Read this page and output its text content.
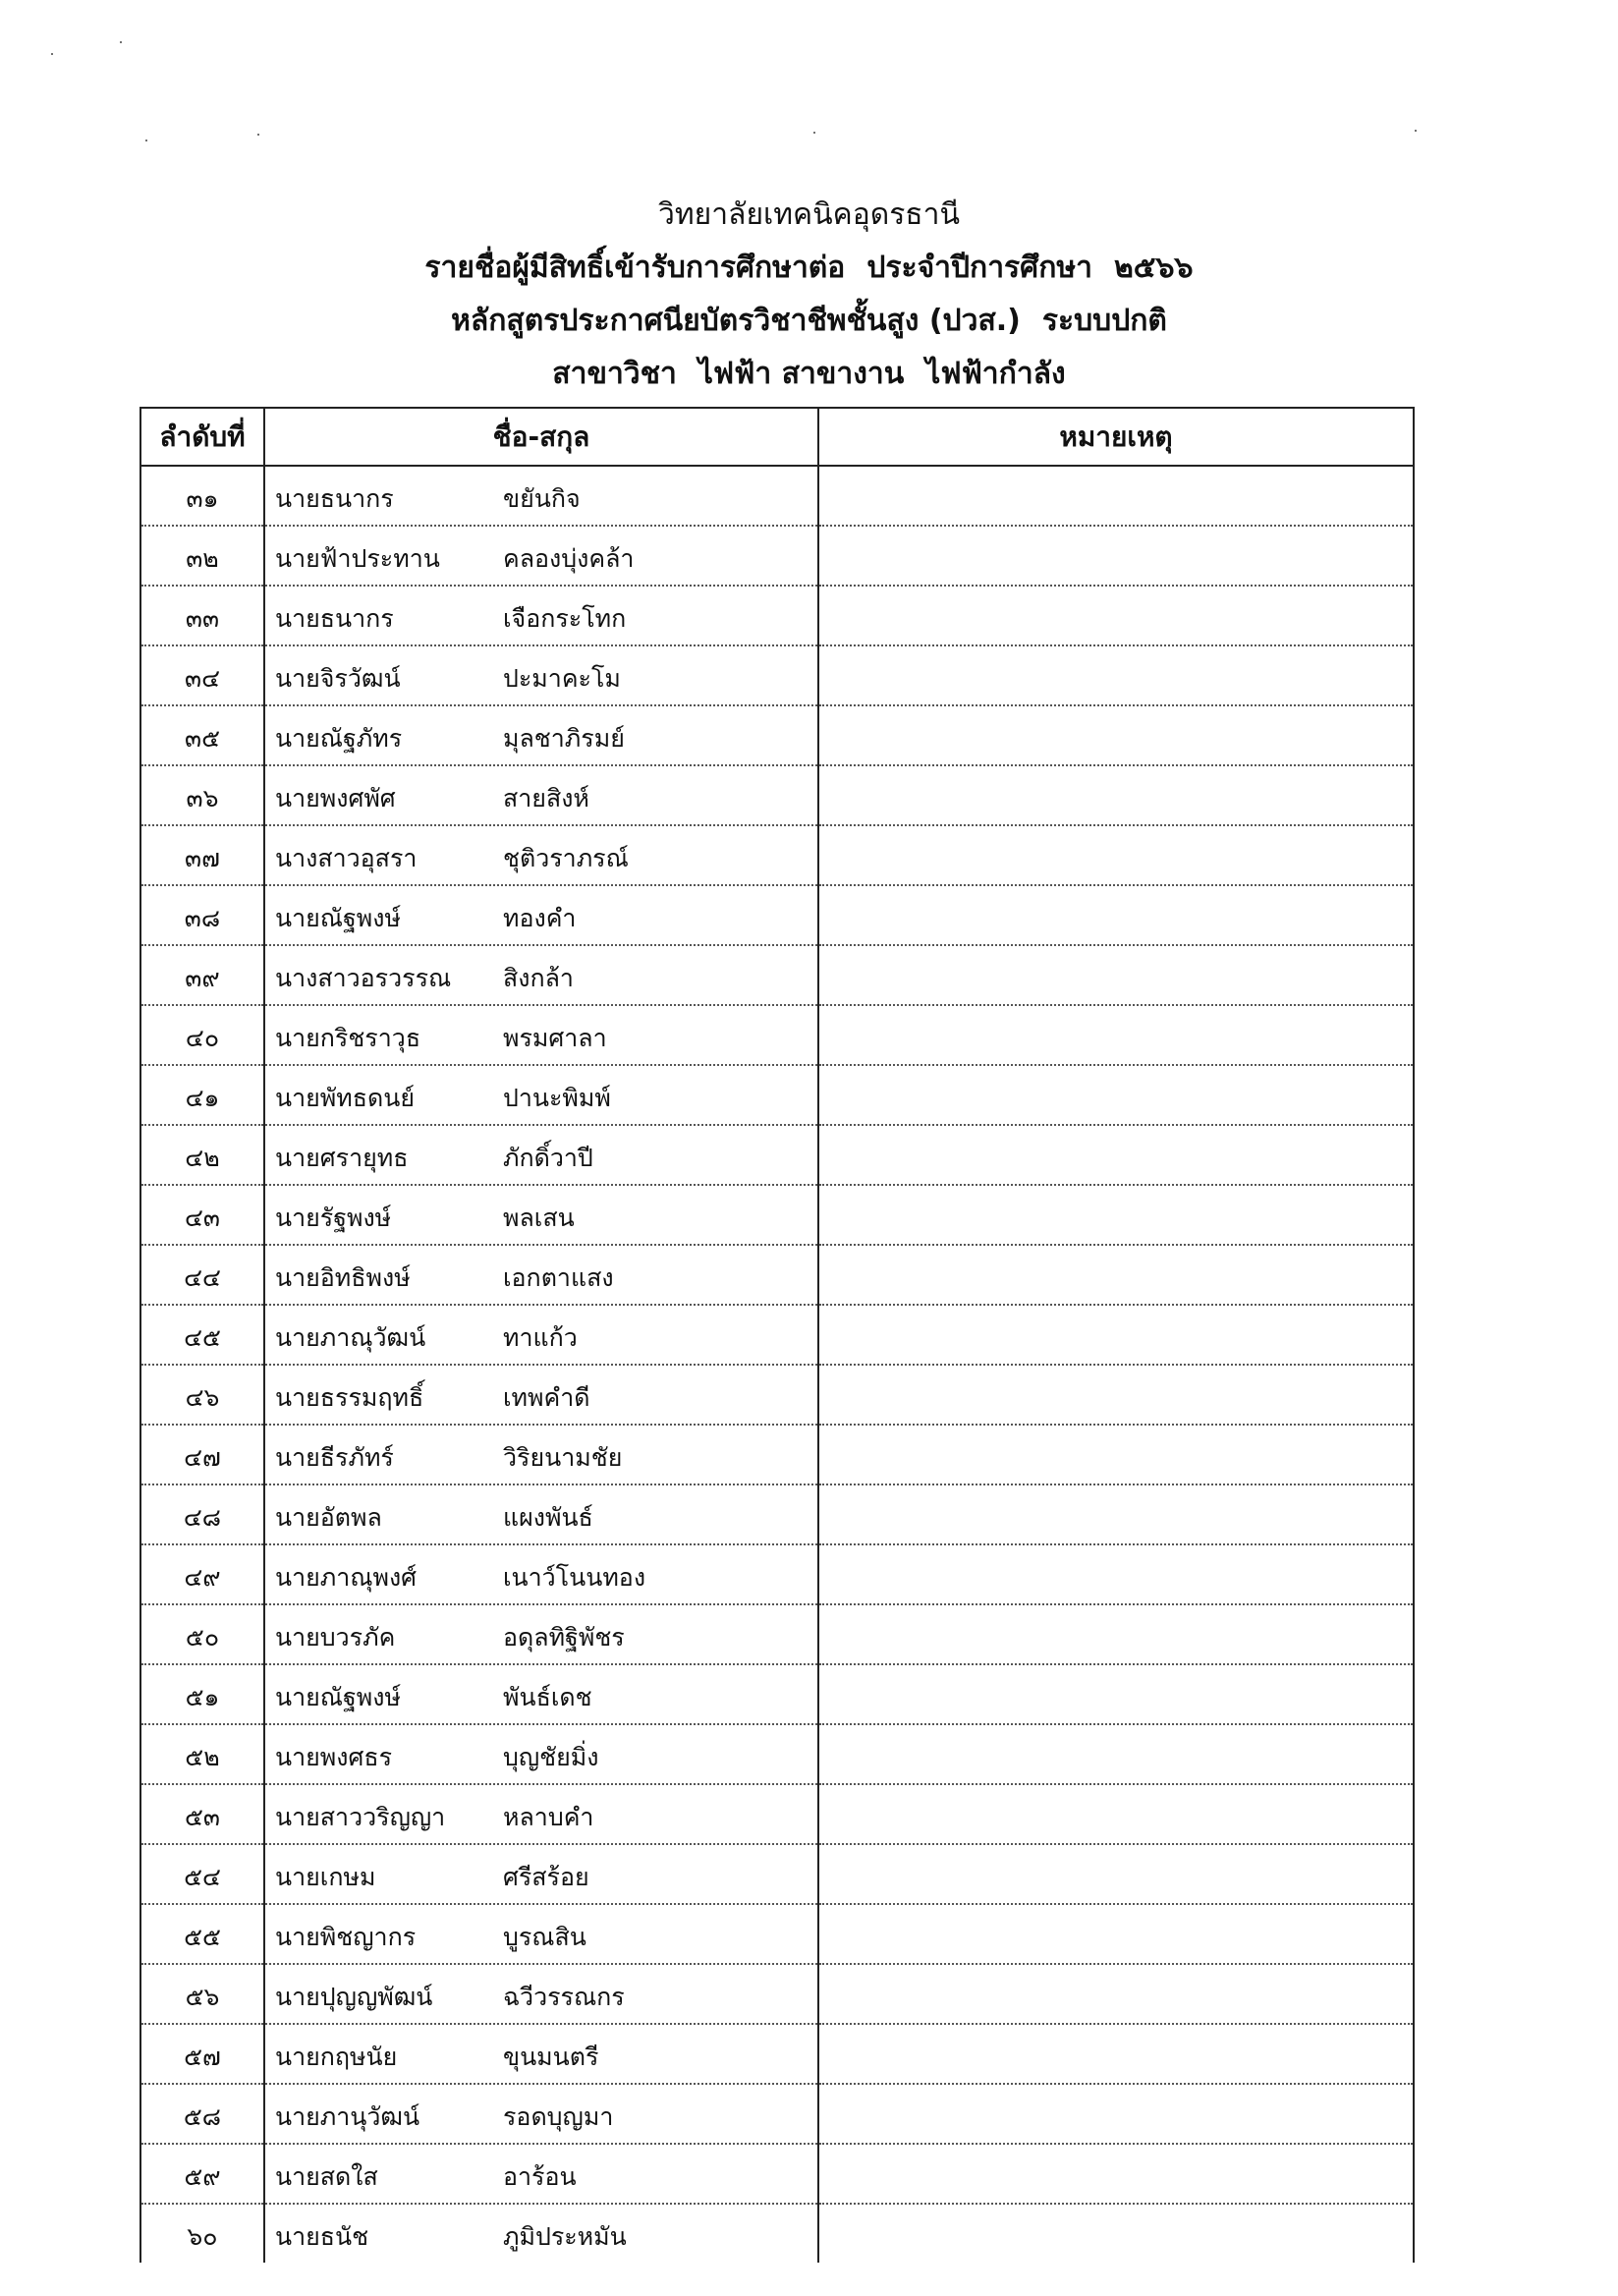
วิทยาลัยเทคนิคอุดรธานี
รายชื่อผู้มีสิทธิ์เข้ารับการศึกษาต่อ ประจำปีการศึกษา ๒๕๖๖
หลักสูตรประกาศนียบัตรวิชาชีพชั้นสูง (ปวส.) ระบบปกติ
สาขาวิชา ไฟฟ้า สาขางาน ไฟฟ้ากำลัง
ลำดับที่	ชื่อ-สกุล	หมายเหตุ
๓๑	นายธนากร ขยันกิจ	
๓๒	นายฟ้าประทาน คลองบุ่งคล้า	
๓๓	นายธนากร เจือกระโทก	
๓๔	นายจิรวัฒน์ ปะมาคะโม	
๓๕	นายณัฐภัทร มุลชาภิรมย์	
๓๖	นายพงศพัศ สายสิงห์	
๓๗	นางสาวอุสรา ชุติวราภรณ์	
๓๘	นายณัฐพงษ์ ทองคำ	
๓๙	นางสาวอรวรรณ สิงกล้า	
๔๐	นายกริชราวุธ พรมศาลา	
๔๑	นายพัทธดนย์ ปานะพิมพ์	
๔๒	นายศรายุทธ ภักดิ์วาปี	
๔๓	นายรัฐพงษ์ พลเสน	
๔๔	นายอิทธิพงษ์ เอกตาแสง	
๔๕	นายภาณุวัฒน์ ทาแก้ว	
๔๖	นายธรรมฤทธิ์ เทพคำดี	
๔๗	นายธีรภัทร์ วิริยนามชัย	
๔๘	นายอัตพล แผงพันธ์	
๔๙	นายภาณุพงศ์ เนาว์โนนทอง	
๕๐	นายบวรภัค อดุลทิฐิพัชร	
๕๑	นายณัฐพงษ์ พันธ์เดช	
๕๒	นายพงศธร บุญชัยมิ่ง	
๕๓	นายสาววริญญา หลาบคำ	
๕๔	นายเกษม ศรีสร้อย	
๕๕	นายพิชญากร บูรณสิน	
๕๖	นายปุญญพัฒน์ ฉวีวรรณกร	
๕๗	นายกฤษนัย ขุนมนตรี	
๕๘	นายภานุวัฒน์ รอดบุญมา	
๕๙	นายสดใส อาร้อน	
๖๐	นายธนัช ภูมิประหมัน	
